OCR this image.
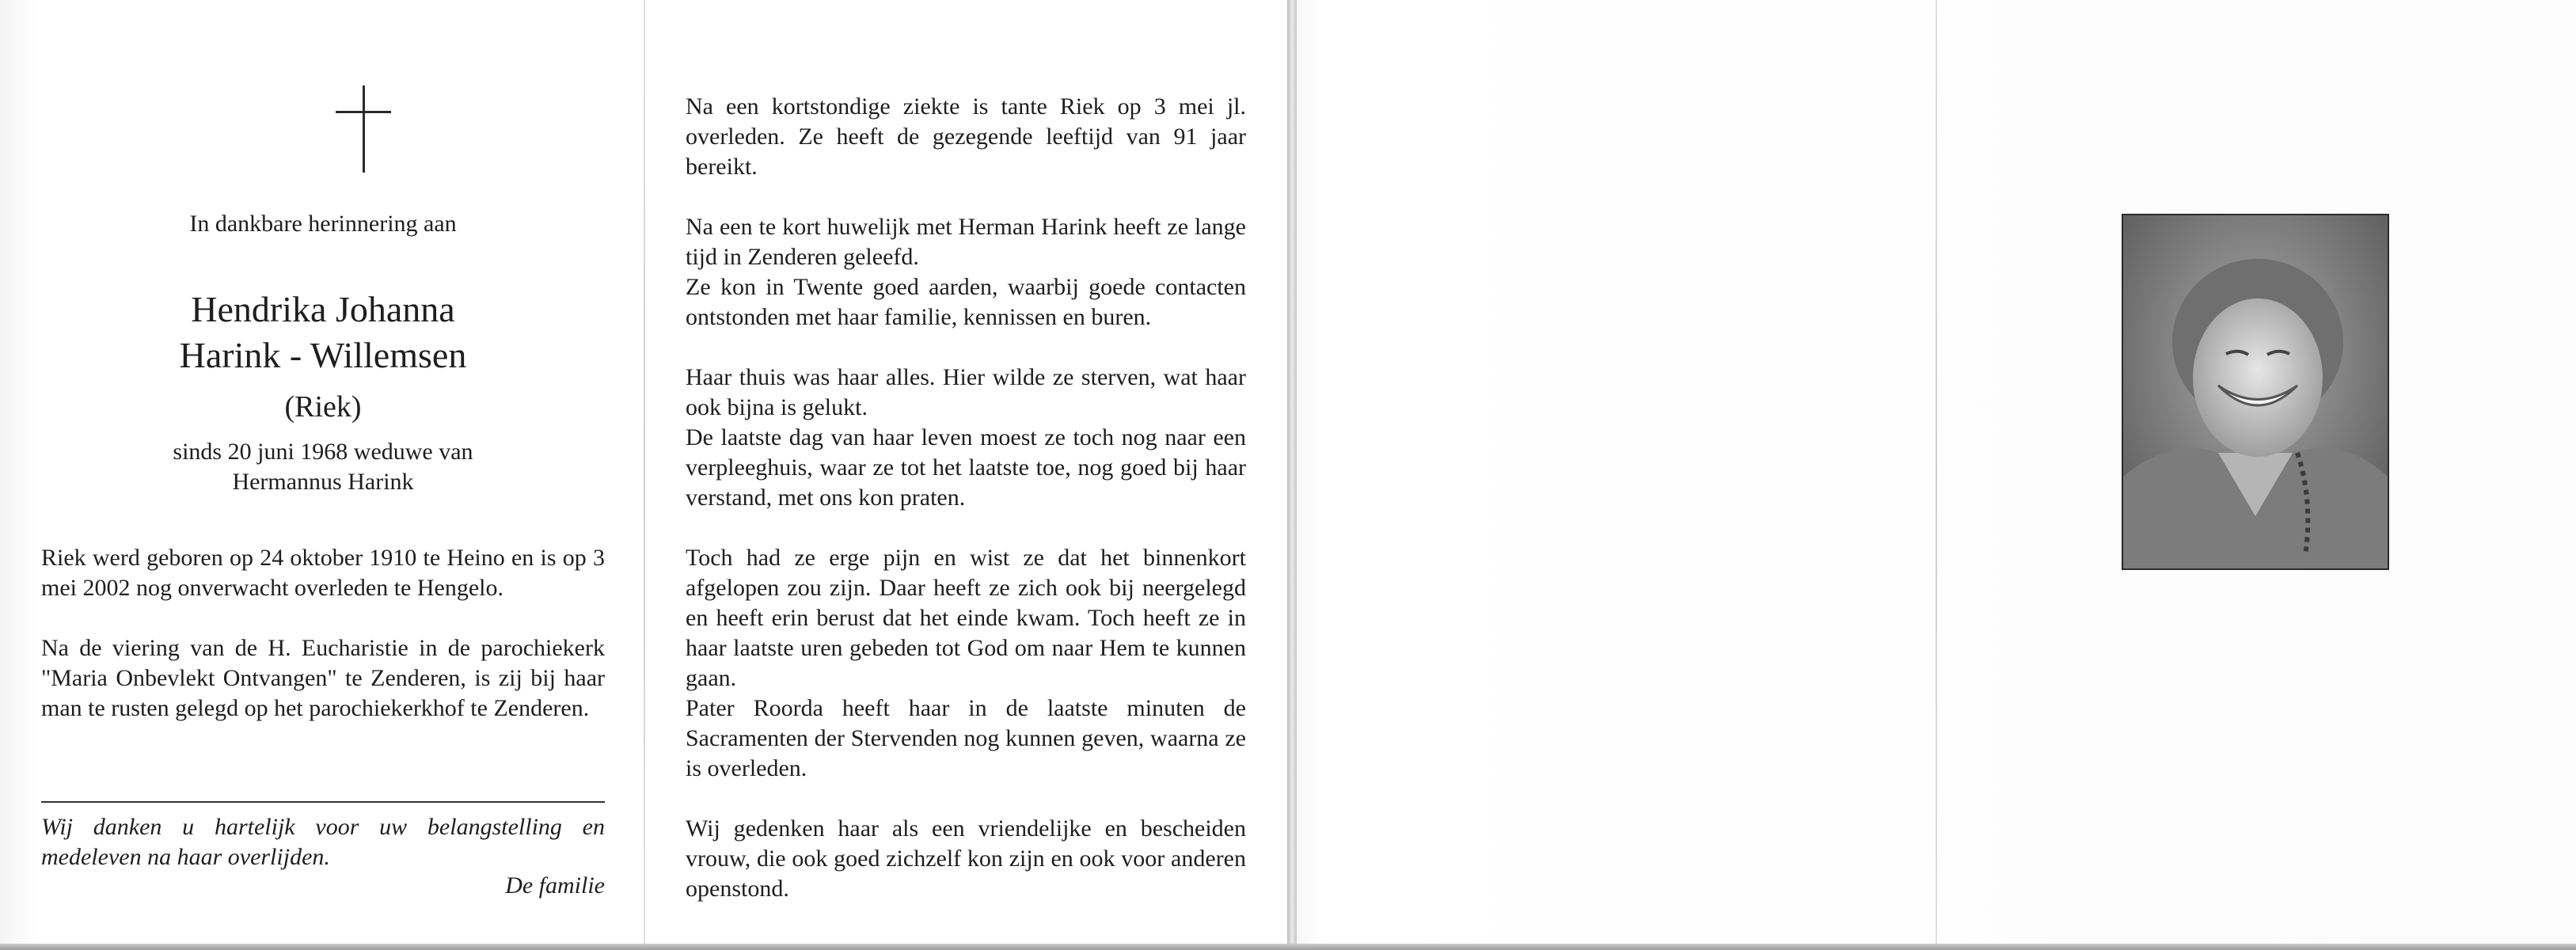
In dankbare herinnering aan
Hendrika Johanna
Harink - Willemsen
(Riek)
sinds 20 juni 1968 weduwe van
Hermannus Harink
Riek werd geboren op 24 oktober 1910 te Heino en is op 3 mei 2002 nog onverwacht overleden te Hengelo.
Na de viering van de H. Eucharistie in de parochiekerk "Maria Onbevlekt Ontvangen" te Zenderen, is zij bij haar man te rusten gelegd op het parochiekerkhof te Zenderen.
Wij danken u hartelijk voor uw belangstelling en medeleven na haar overlijden.
De familie
Na een kortstondige ziekte is tante Riek op 3 mei jl. overleden. Ze heeft de gezegende leeftijd van 91 jaar bereikt.
Na een te kort huwelijk met Herman Harink heeft ze lange tijd in Zenderen geleefd.
Ze kon in Twente goed aarden, waarbij goede contacten ontstonden met haar familie, kennissen en buren.
Haar thuis was haar alles. Hier wilde ze sterven, wat haar ook bijna is gelukt.
De laatste dag van haar leven moest ze toch nog naar een verpleeghuis, waar ze tot het laatste toe, nog goed bij haar verstand, met ons kon praten.
Toch had ze erge pijn en wist ze dat het binnenkort afgelopen zou zijn. Daar heeft ze zich ook bij neergelegd en heeft erin berust dat het einde kwam. Toch heeft ze in haar laatste uren gebeden tot God om naar Hem te kunnen gaan.
Pater Roorda heeft haar in de laatste minuten de Sacramenten der Stervenden nog kunnen geven, waarna ze is overleden.
Wij gedenken haar als een vriendelijke en bescheiden vrouw, die ook goed zichzelf kon zijn en ook voor anderen openstond.
